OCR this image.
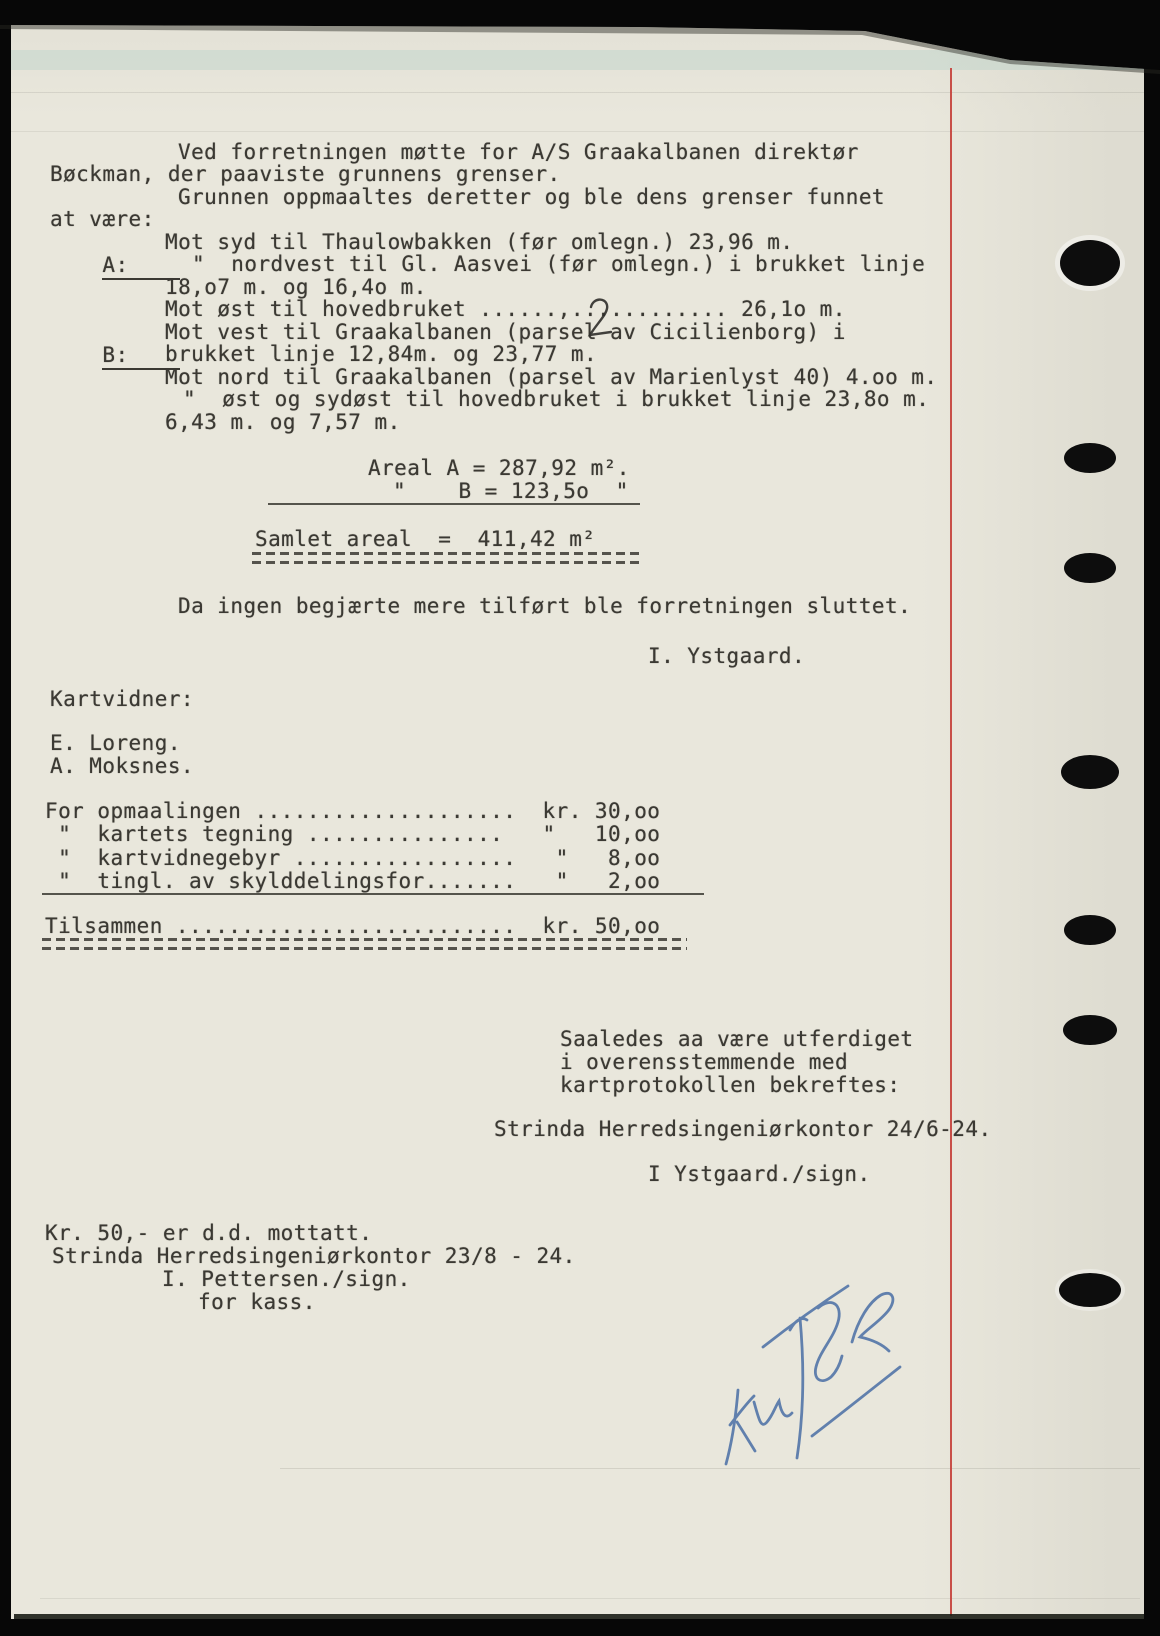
Ved forretningen møtte for A/S Graakalbanen direktør
Bøckman, der paaviste grunnens grenser.
Grunnen oppmaaltes deretter og ble dens grenser funnet
at være:

A:

Mot syd til Thaulowbakken (før omlegn.) 23,96 m.
"  nordvest til Gl. Aasvei (før omlegn.) i brukket linje
18,o7 m. og 16,4o m.
Mot øst til hovedbruket ......,............ 26,1o m.

B:

Mot vest til Graakalbanen (parsel av Cicilienborg) i
brukket linje 12,84m. og 23,77 m.
Mot nord til Graakalbanen (parsel av Marienlyst 40) 4.oo m.
"  øst og sydøst til hovedbruket i brukket linje 23,8o m.
6,43 m. og 7,57 m.
Areal A = 287,92 m².
"    B = 123,5o  "
Samlet areal  =  411,42 m²
Da ingen begjærte mere tilført ble forretningen sluttet.
I. Ystgaard.
Kartvidner:
E. Loreng.
A. Moksnes.
For opmaalingen ....................  kr. 30,oo
"  kartets tegning ...............   "   10,oo
"  kartvidnegebyr .................   "   8,oo
"  tingl. av skylddelingsfor.......   "   2,oo
Tilsammen ..........................  kr. 50,oo
Saaledes aa være utferdiget
i overensstemmende med
kartprotokollen bekreftes:
Strinda Herredsingeniørkontor 24/6-24.
I Ystgaard./sign.
Kr. 50,- er d.d. mottatt.
Strinda Herredsingeniørkontor 23/8 - 24.
I. Pettersen./sign.
for kass.
